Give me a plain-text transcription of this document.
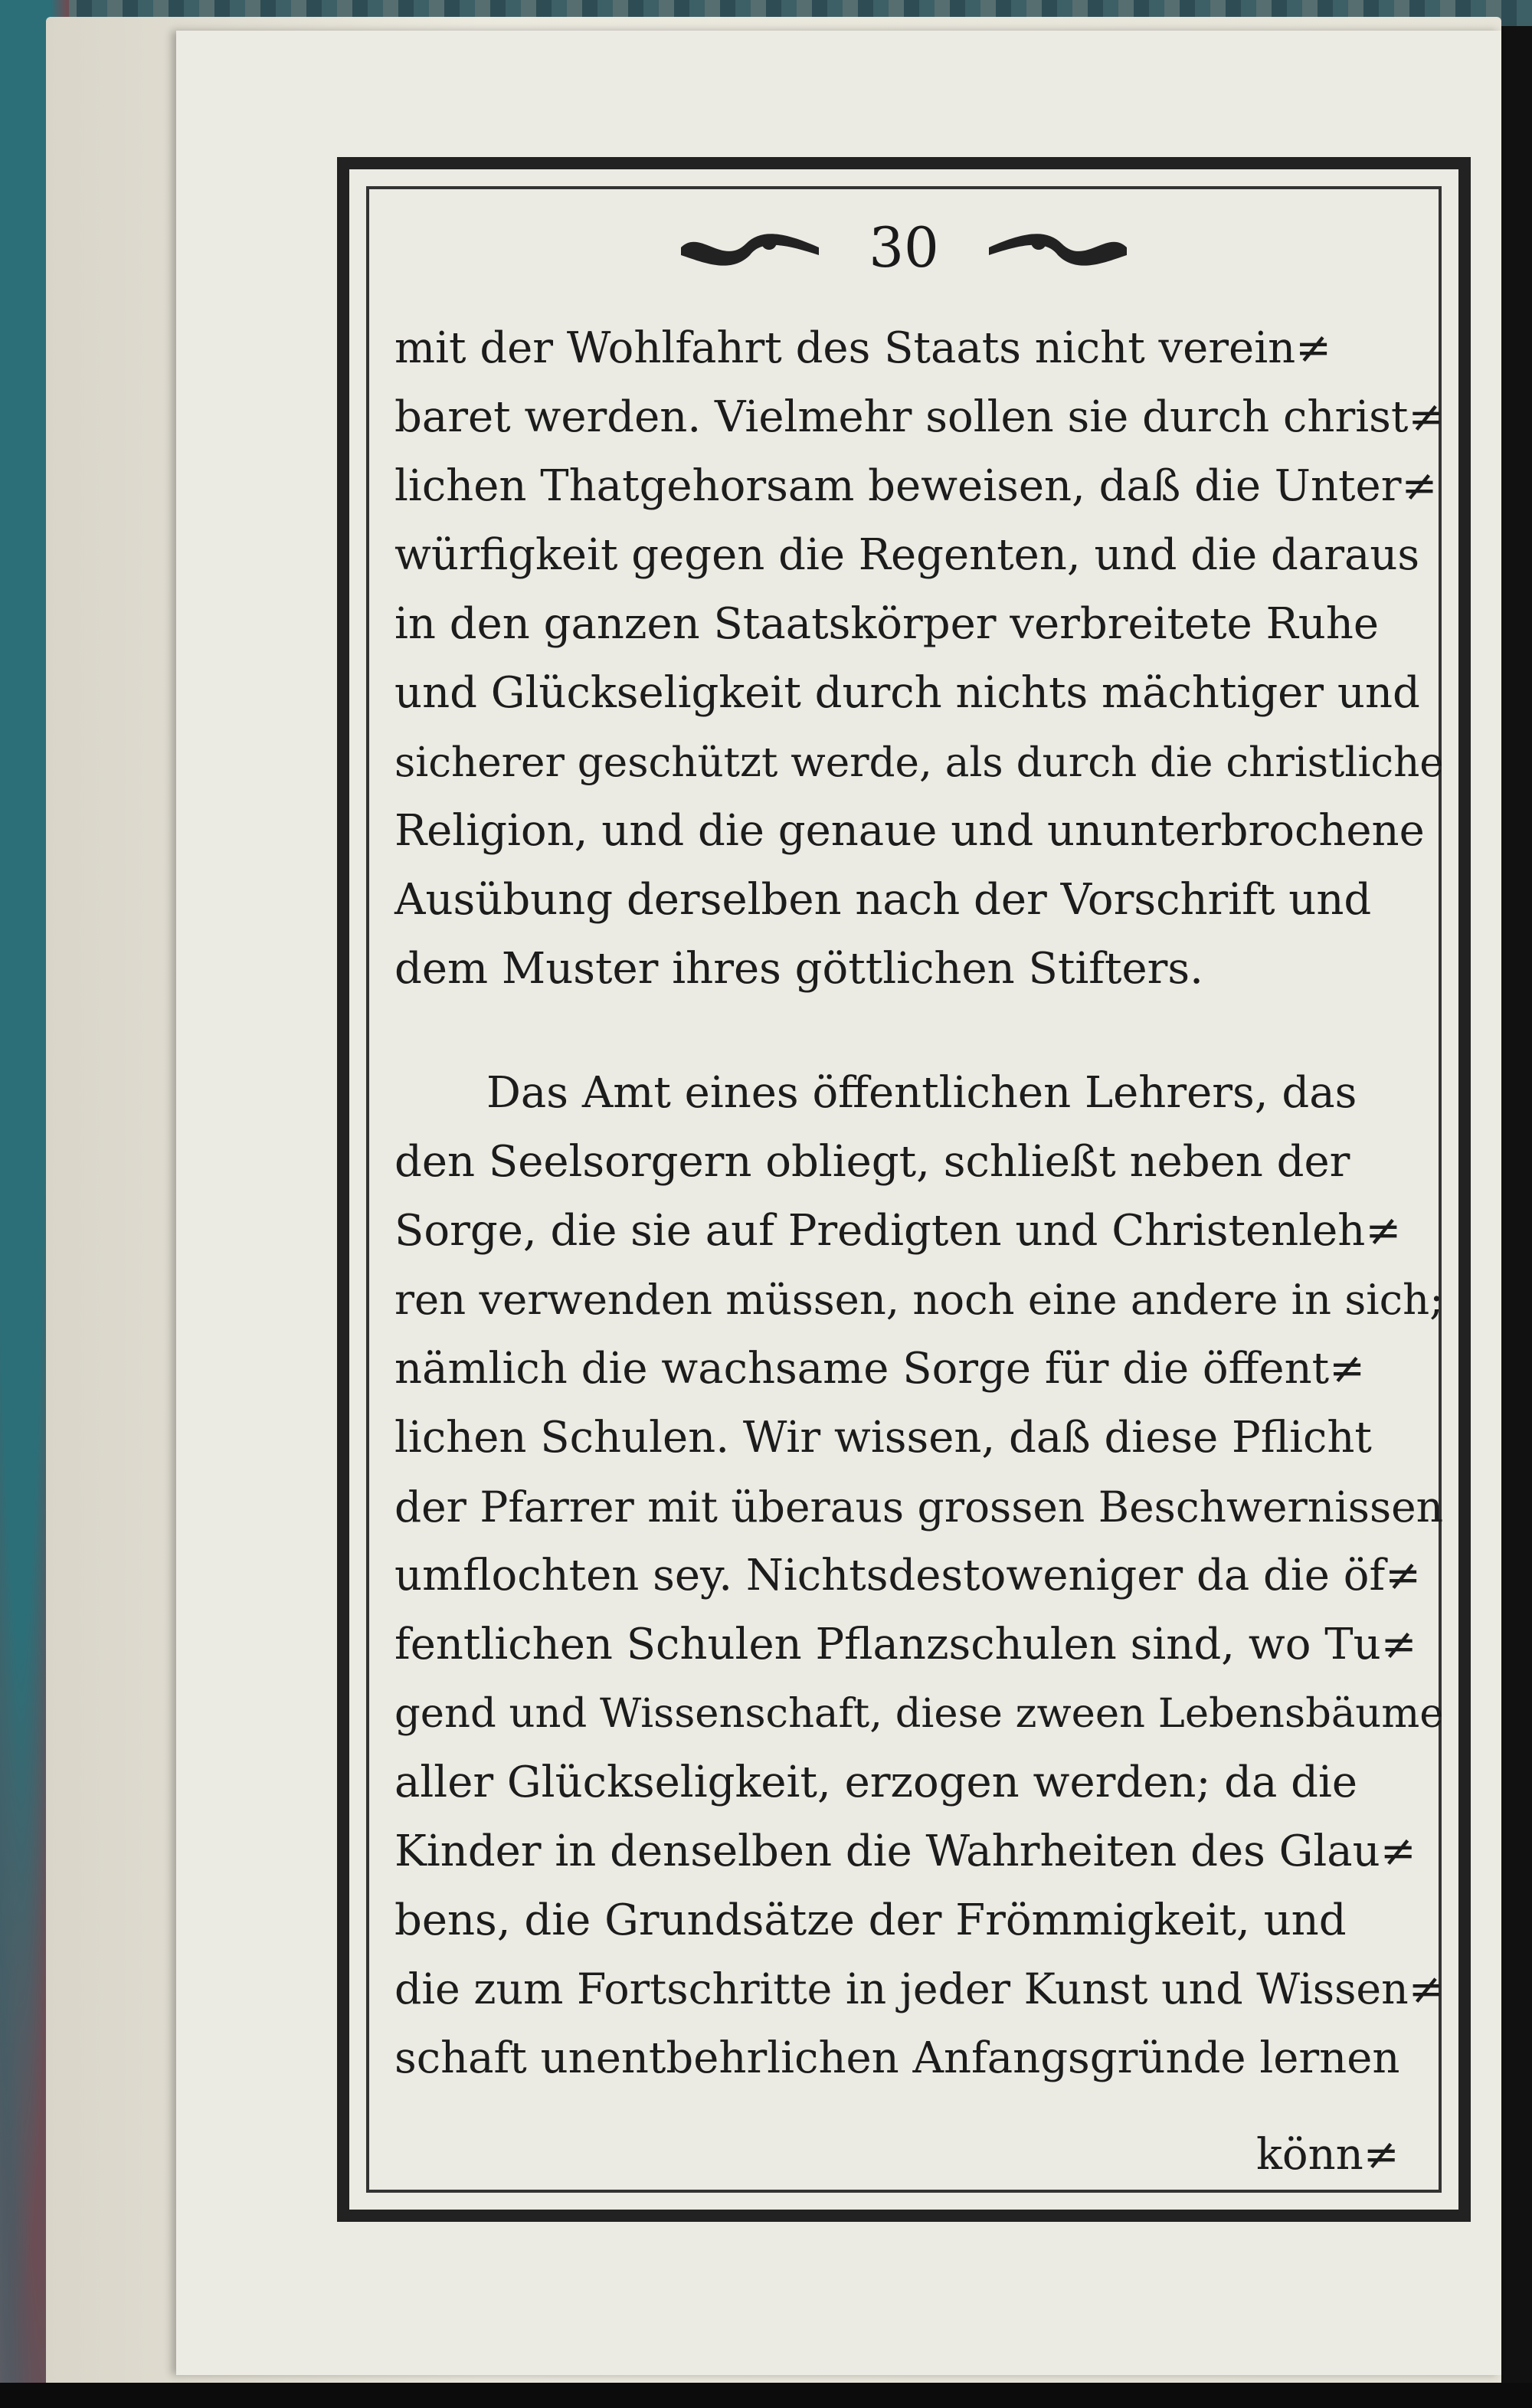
30
mit der Wohlfahrt des Staats nicht verein≠
baret werden. Vielmehr sollen sie durch christ≠
lichen Thatgehorsam beweisen, daß die Unter≠
würfigkeit gegen die Regenten, und die daraus
in den ganzen Staatskörper verbreitete Ruhe
und Glückseligkeit durch nichts mächtiger und
sicherer geschützt werde, als durch die christliche
Religion, und die genaue und ununterbrochene
Ausübung derselben nach der Vorschrift und
dem Muster ihres göttlichen Stifters.
Das Amt eines öffentlichen Lehrers, das
den Seelsorgern obliegt, schließt neben der
Sorge, die sie auf Predigten und Christenleh≠
ren verwenden müssen, noch eine andere in sich;
nämlich die wachsame Sorge für die öffent≠
lichen Schulen. Wir wissen, daß diese Pflicht
der Pfarrer mit überaus grossen Beschwernissen
umflochten sey. Nichtsdestoweniger da die öf≠
fentlichen Schulen Pflanzschulen sind, wo Tu≠
gend und Wissenschaft, diese zween Lebensbäume
aller Glückseligkeit, erzogen werden; da die
Kinder in denselben die Wahrheiten des Glau≠
bens, die Grundsätze der Frömmigkeit, und
die zum Fortschritte in jeder Kunst und Wissen≠
schaft unentbehrlichen Anfangsgründe lernen
könn≠
